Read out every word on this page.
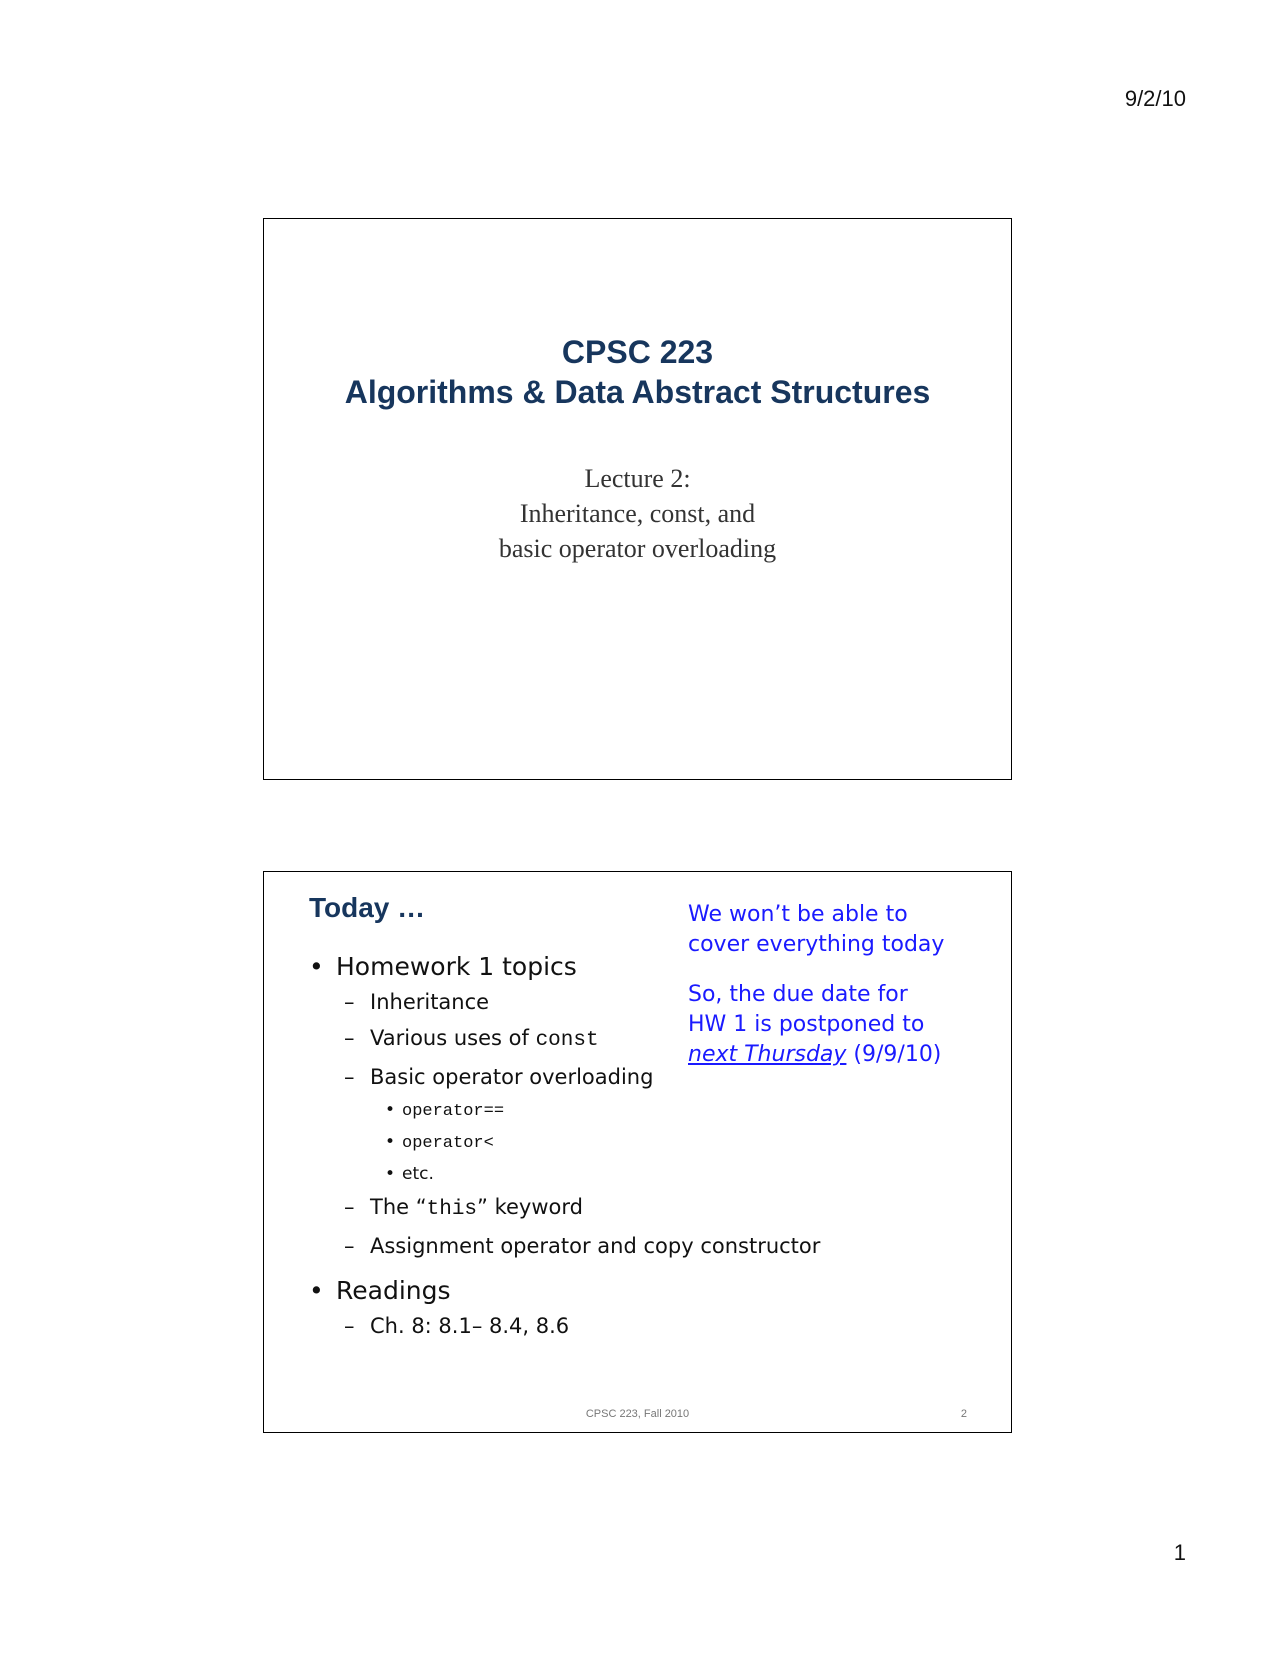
9/2/10
CPSC 223
Algorithms & Data Abstract Structures
Lecture 2:
Inheritance, const, and
basic operator overloading
Today …
• Homework 1 topics
– Inheritance
– Various uses of const
– Basic operator overloading
• operator==
• operator<
• etc.
– The “this” keyword
– Assignment operator and copy constructor
• Readings
– Ch. 8: 8.1– 8.4, 8.6
We won’t be able to
cover everything today
So, the due date for
HW 1 is postponed to
next Thursday (9/9/10)
CPSC 223, Fall 2010	2
1
